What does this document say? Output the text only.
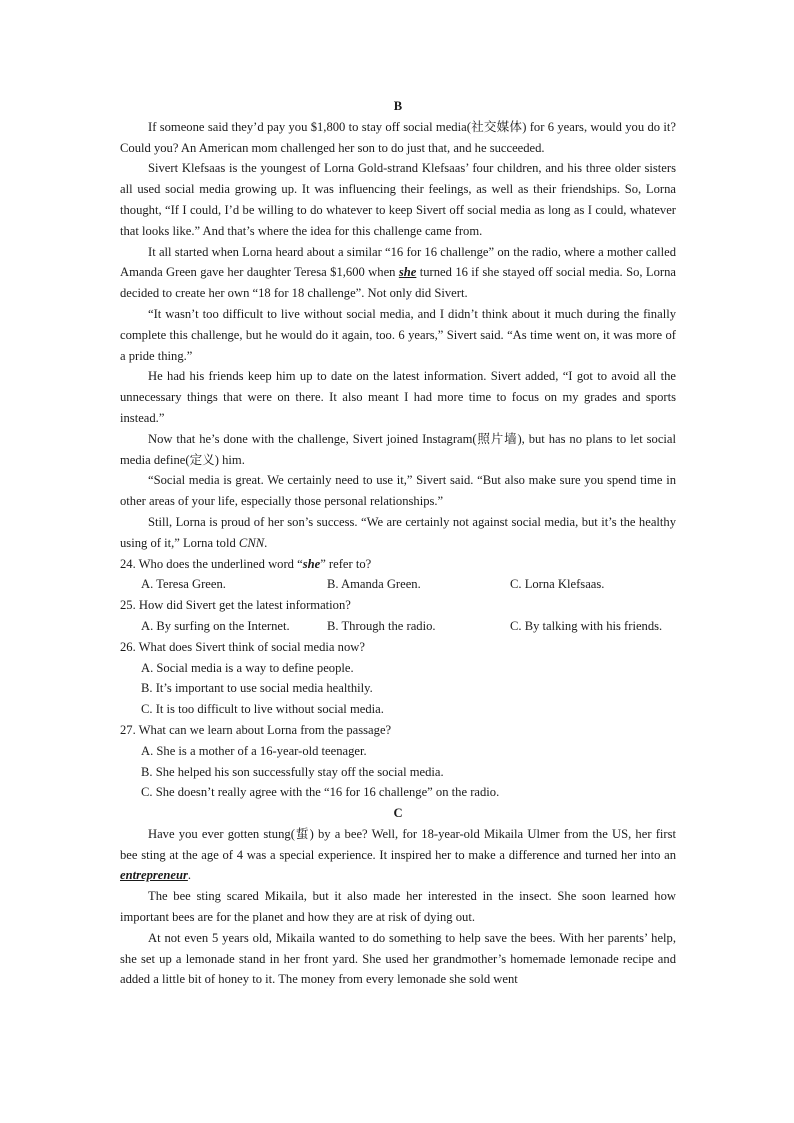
B

If someone said they’d pay you $1,800 to stay off social media(社交媒体) for 6 years, would you do it? Could you? An American mom challenged her son to do just that, and he succeeded.

Sivert Klefsaas is the youngest of Lorna Gold-strand Klefsaas’ four children, and his three older sisters all used social media growing up. It was influencing their feelings, as well as their friendships. So, Lorna thought, “If I could, I’d be willing to do whatever to keep Sivert off social media as long as I could, whatever that looks like.” And that’s where the idea for this challenge came from.

It all started when Lorna heard about a similar “16 for 16 challenge” on the radio, where a mother called Amanda Green gave her daughter Teresa $1,600 when she turned 16 if she stayed off social media. So, Lorna decided to create her own “18 for 18 challenge”. Not only did Sivert.

“It wasn’t too difficult to live without social media, and I didn’t think about it much during the finally complete this challenge, but he would do it again, too. 6 years,” Sivert said. “As time went on, it was more of a pride thing.”

He had his friends keep him up to date on the latest information. Sivert added, “I got to avoid all the unnecessary things that were on there. It also meant I had more time to focus on my grades and sports instead.”

Now that he’s done with the challenge, Sivert joined Instagram(照片墙), but has no plans to let social media define(定义) him.

“Social media is great. We certainly need to use it,” Sivert said. “But also make sure you spend time in other areas of your life, especially those personal relationships.”

Still, Lorna is proud of her son’s success. “We are certainly not against social media, but it’s the healthy using of it,” Lorna told CNN.

24. Who does the underlined word “she” refer to?

A. Teresa Green.	B. Amanda Green.	C. Lorna Klefsaas.

25. How did Sivert get the latest information?

A. By surfing on the Internet.	B. Through the radio.	C. By talking with his friends.

26. What does Sivert think of social media now?

A. Social media is a way to define people.

B. It’s important to use social media healthily.

C. It is too difficult to live without social media.

27. What can we learn about Lorna from the passage?

A. She is a mother of a 16-year-old teenager.

B. She helped his son successfully stay off the social media.

C. She doesn’t really agree with the “16 for 16 challenge” on the radio.

C

Have you ever gotten stung(蜇) by a bee? Well, for 18-year-old Mikaila Ulmer from the US, her first bee sting at the age of 4 was a special experience. It inspired her to make a difference and turned her into an entrepreneur.

The bee sting scared Mikaila, but it also made her interested in the insect. She soon learned how important bees are for the planet and how they are at risk of dying out.

At not even 5 years old, Mikaila wanted to do something to help save the bees. With her parents’ help, she set up a lemonade stand in her front yard. She used her grandmother’s homemade lemonade recipe and added a little bit of honey to it. The money from every lemonade she sold went
